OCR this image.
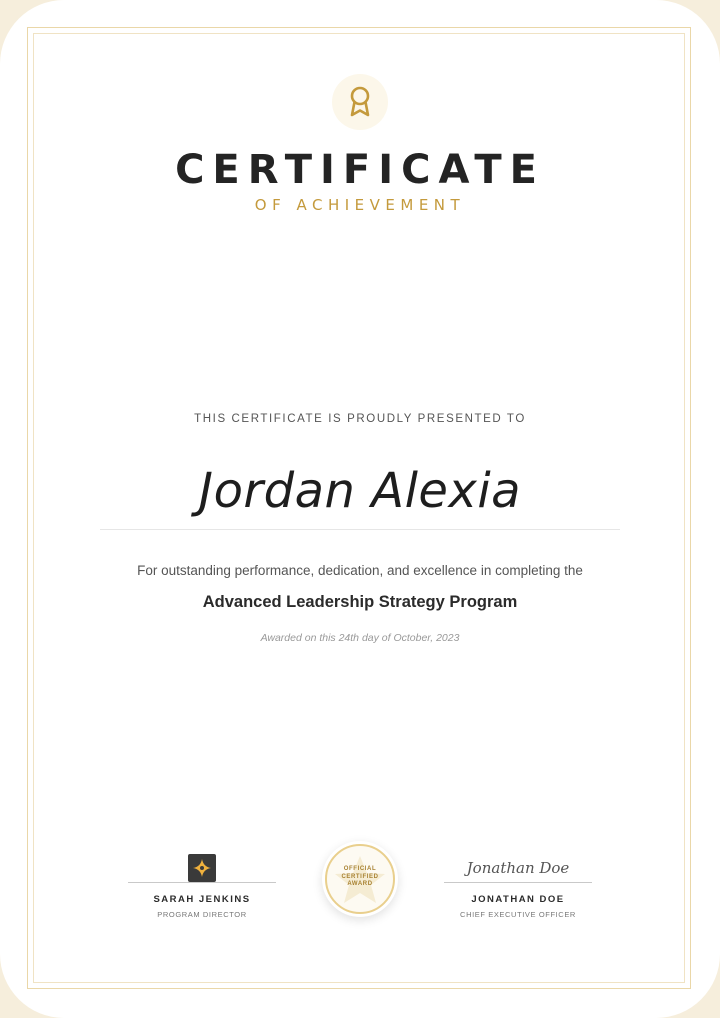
CERTIFICATE
OF ACHIEVEMENT
THIS CERTIFICATE IS PROUDLY PRESENTED TO
Jordan Alexia
For outstanding performance, dedication, and excellence in completing the
Advanced Leadership Strategy Program
Awarded on this 24th day of October, 2023
SARAH JENKINS
PROGRAM DIRECTOR
OFFICIAL
CERTIFIED
AWARD
Jonathan Doe
JONATHAN DOE
CHIEF EXECUTIVE OFFICER
